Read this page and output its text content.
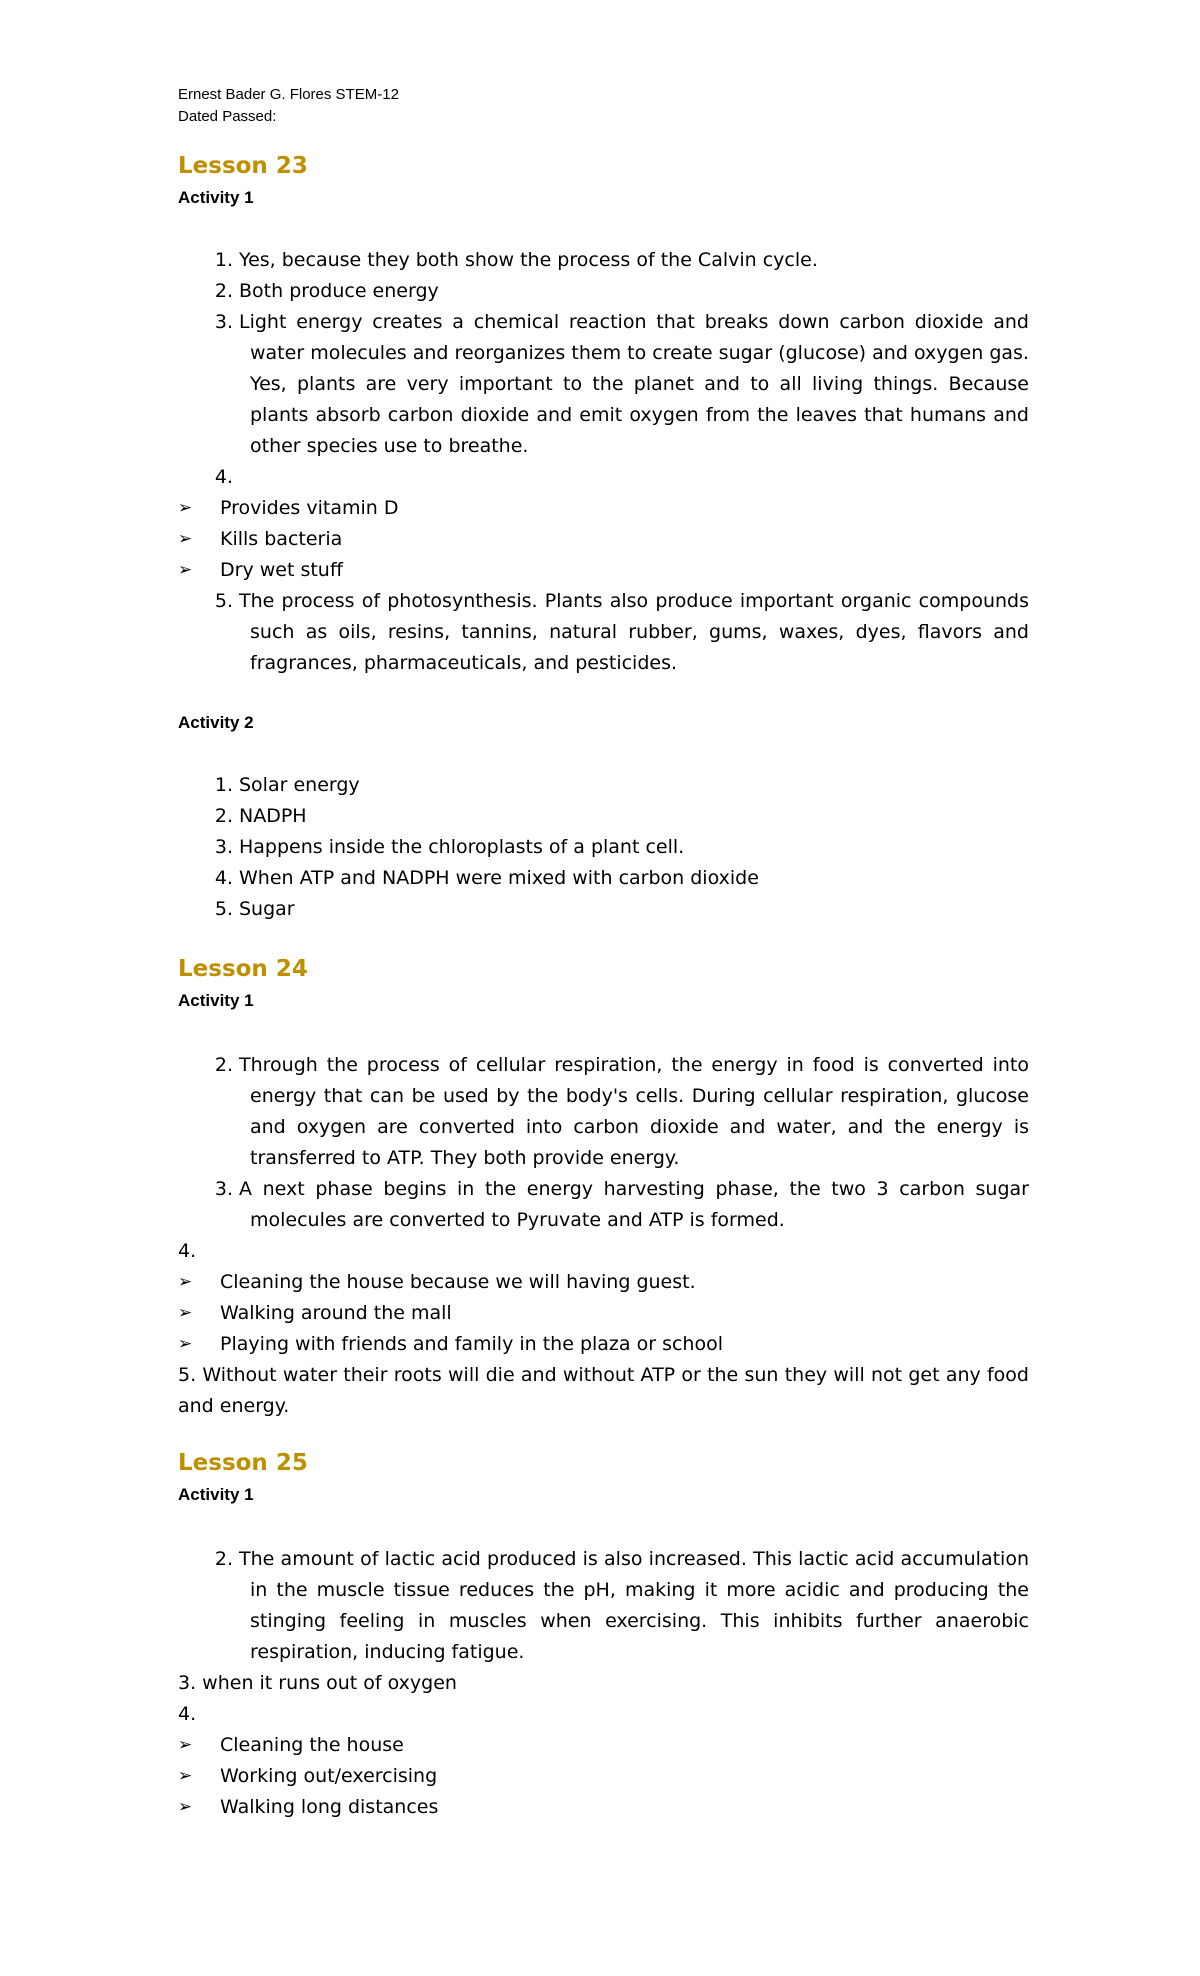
Ernest Bader G. Flores STEM-12
Dated Passed:
Lesson 23
Activity 1
1. Yes, because they both show the process of the Calvin cycle.
2. Both produce energy
3. Light energy creates a chemical reaction that breaks down carbon dioxide and water molecules and reorganizes them to create sugar (glucose) and oxygen gas. Yes, plants are very important to the planet and to all living things. Because plants absorb carbon dioxide and emit oxygen from the leaves that humans and other species use to breathe.
4.
➢ Provides vitamin D
➢ Kills bacteria
➢ Dry wet stuff
5. The process of photosynthesis. Plants also produce important organic compounds such as oils, resins, tannins, natural rubber, gums, waxes, dyes, flavors and fragrances, pharmaceuticals, and pesticides.
Activity 2
1. Solar energy
2. NADPH
3. Happens inside the chloroplasts of a plant cell.
4. When ATP and NADPH were mixed with carbon dioxide
5. Sugar
Lesson 24
Activity 1
2. Through the process of cellular respiration, the energy in food is converted into energy that can be used by the body's cells. During cellular respiration, glucose and oxygen are converted into carbon dioxide and water, and the energy is transferred to ATP. They both provide energy.
3. A next phase begins in the energy harvesting phase, the two 3 carbon sugar molecules are converted to Pyruvate and ATP is formed.
4.
➢ Cleaning the house because we will having guest.
➢ Walking around the mall
➢ Playing with friends and family in the plaza or school
5. Without water their roots will die and without ATP or the sun they will not get any food and energy.
Lesson 25
Activity 1
2. The amount of lactic acid produced is also increased. This lactic acid accumulation in the muscle tissue reduces the pH, making it more acidic and producing the stinging feeling in muscles when exercising. This inhibits further anaerobic respiration, inducing fatigue.
3. when it runs out of oxygen
4.
➢ Cleaning the house
➢ Working out/exercising
➢ Walking long distances
